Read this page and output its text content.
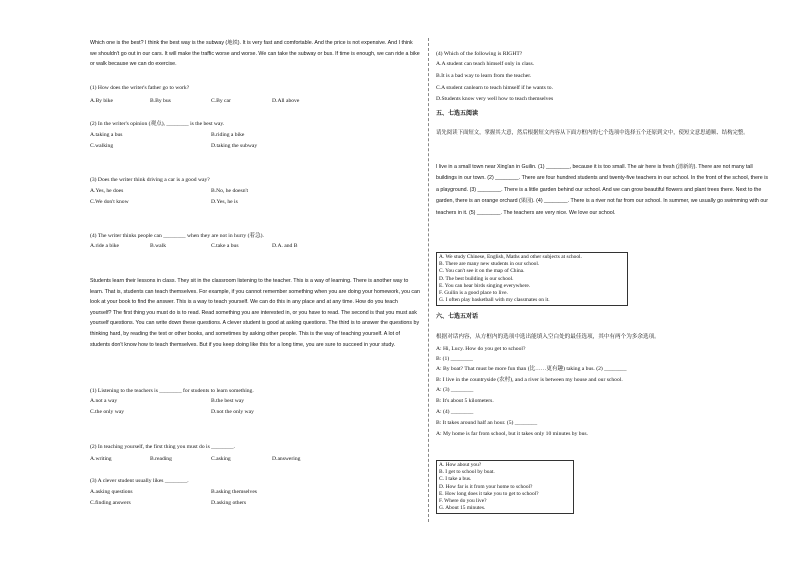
Which one is the best? I think the best way is the subway (地铁). It is very fast and comfortable. And the price is not expensive. And I think we shouldn't go out in our cars. It will make the traffic worse and worse. We can take the subway or bus. If time is enough, we can ride a bike or walk because we can do exercise.

(1) How does the writer's father go to work?

A.By bike	B.By bus	C.By car	D.All above

(2) In the writer's opinion (观点), ________ is the best way.

A.taking a bus	B.riding a bike
C.walking	D.taking the subway

(3) Does the writer think driving a car is a good way?

A.Yes, he does	B.No, he doesn't
C.We don't know	D.Yes, he is

(4) The writer thinks people can ________ when they are not in hurry (着急).

A.ride a bike	B.walk	C.take a bus	D.A. and B

Students learn their lessons in class. They sit in the classroom listening to the teacher. This is a way of learning. There is another way to learn. That is, students can teach themselves. For example, if you cannot remember something when you are doing your homework, you can look at your book to find the answer. This is a way to teach yourself. We can do this in any place and at any time. How do you teach yourself? The first thing you must do is to read. Read something you are interested in, or you have to read. The second is that you must ask yourself questions. You can write down these questions. A clever student is good at asking questions. The third is to answer the questions by thinking hard, by reading the text or other books, and sometimes by asking other people. This is the way of teaching yourself. A lot of students don't know how to teach themselves. But if you keep doing like this for a long time, you are sure to succeed in your study.

(1) Listening to the teachers is ________ for students to learn something.

A.not a way	B.the best way
C.the only way	D.not the only way

(2) In teaching yourself, the first thing you must do is ________.

A.writing	B.reading	C.asking	D.answering

(3) A clever student usually likes ________.

A.asking questions	B.asking themselves
C.finding answers	D.asking others

(4) Which of the following is RIGHT?

A.A student can teach himself only in class.

B.It is a bad way to learn from the teacher.

C.A student canlearn to teach himself if he wants to.

D.Students know very well how to teach themselves

五、七选五阅读

请先阅读下面短文，掌握其大意，然后根据短文内容从下面方框内的七个选项中选择五个还原到文中，使短文意思通顺、结构完整。

I live in a small town near Xing'an in Guilin. (1) ________, because it is too small. The air here is fresh (清新的). There are not many tall buildings in our town. (2) ________. There are four hundred students and twenty-five teachers in our school. In the front of the school, there is a playground. (3) ________. There is a little garden behind our school. And we can grow beautiful flowers and plant trees there. Next to the garden, there is an orange orchard (果园). (4) ________. There is a river not far from our school. In summer, we usually go swimming with our teachers in it. (5) ________. The teachers are very nice. We love our school.

A. We study Chinese, English, Maths and other subjects at school.
B. There are many new students in our school.
C. You can't see it on the map of China.
D. The best building is our school.
E. You can hear birds singing everywhere.
F. Guilin is a good place to live.
G. I often play basketball with my classmates on it.

六、七选五对话

根据对话内容，从方框内的选项中选出能填入空白处的最佳选项，其中有两个为多余选项。

A: Hi, Lucy. How do you get to school?

B: (1) ________

A: By boat? That must be more fun than (比……更有趣) taking a bus. (2) ________

B: I live in the countryside (农村), and a river is between my house and our school.

A: (3) ________

B: It's about 5 kilometers.

A: (4) ________

B: It takes around half an hour. (5) ________

A: My home is far from school, but it takes only 10 minutes by bus.

A. How about you?
B. I get to school by boat.
C. I take a bus.
D. How far is it from your home to school?
E. How long does it take you to get to school?
F. Where do you live?
G. About 15 minutes.
